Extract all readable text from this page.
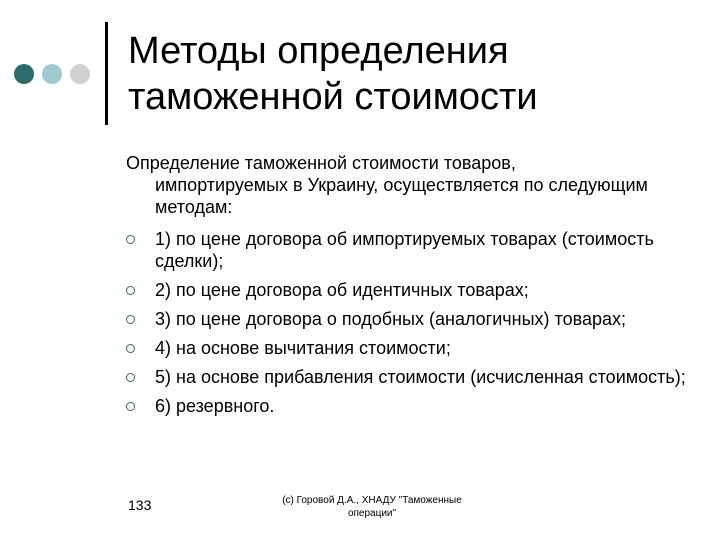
Методы определения
таможенной стоимости
Определение таможенной стоимости товаров,
импортируемых в Украину, осуществляется по следующим методам:
1) по цене договора об импортируемых товарах (стоимость сделки);
2) по цене договора об идентичных товарах;
3) по цене договора о подобных (аналогичных) товарах;
4) на основе вычитания стоимости;
5) на основе прибавления стоимости (исчисленная стоимость);
6) резервного.
133	(c) Горовой Д.А., ХНАДУ "Таможенные
операции"
